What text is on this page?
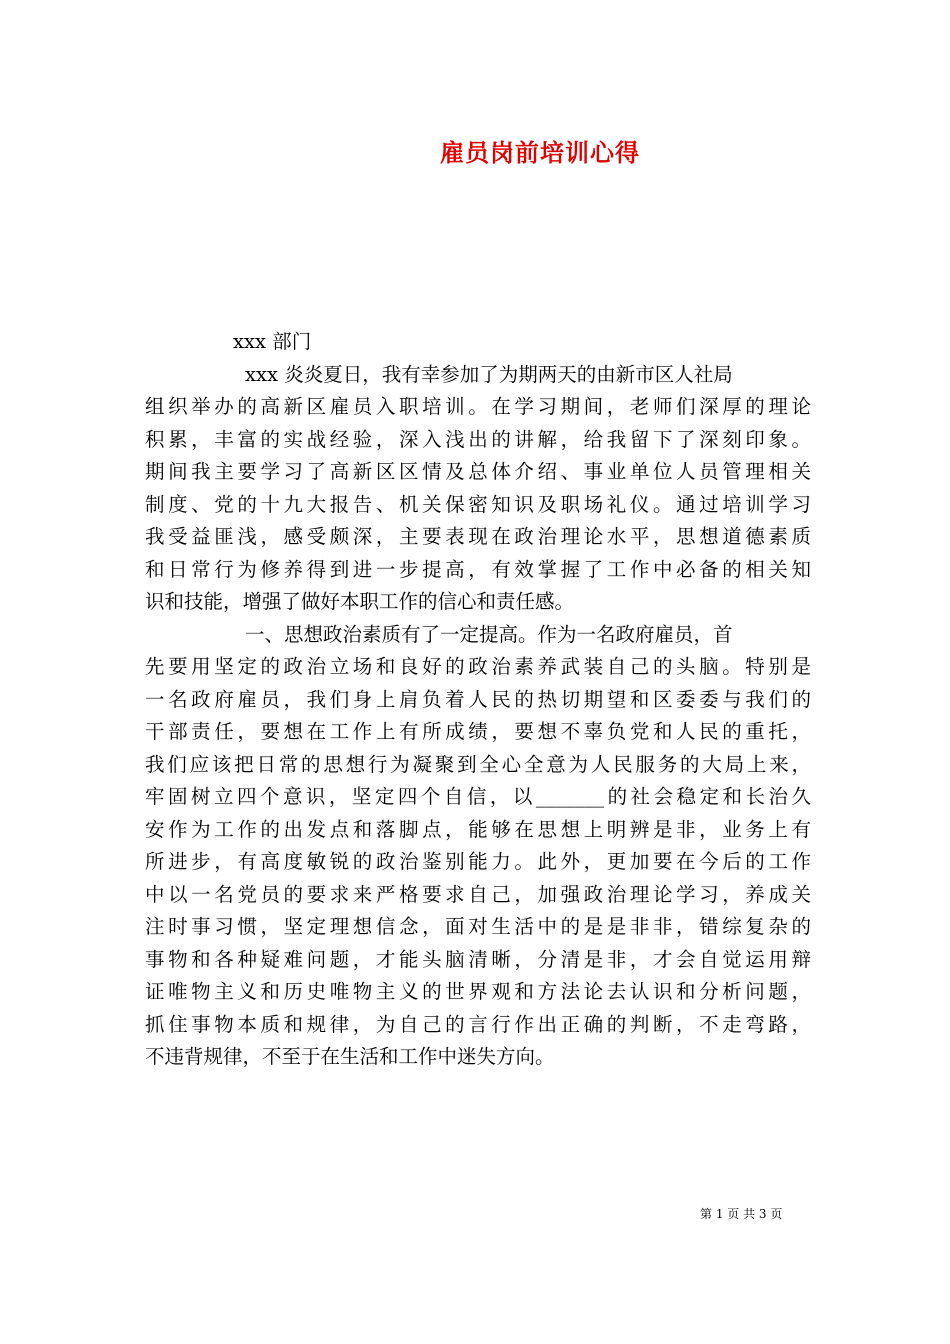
雇员岗前培训心得
xxx 部门
xxx 炎炎夏日，我有幸参加了为期两天的由新市区人社局
组织举办的高新区雇员入职培训。在学习期间，老师们深厚的理论
积累，丰富的实战经验，深入浅出的讲解，给我留下了深刻印象。
期间我主要学习了高新区区情及总体介绍、事业单位人员管理相关
制度、党的十九大报告、机关保密知识及职场礼仪。通过培训学习
我受益匪浅，感受颇深，主要表现在政治理论水平，思想道德素质
和日常行为修养得到进一步提高，有效掌握了工作中必备的相关知
识和技能，增强了做好本职工作的信心和责任感。
一、思想政治素质有了一定提高。作为一名政府雇员，首
先要用坚定的政治立场和良好的政治素养武装自己的头脑。特别是
一名政府雇员，我们身上肩负着人民的热切期望和区委委与我们的
干部责任，要想在工作上有所成绩，要想不辜负党和人民的重托，
我们应该把日常的思想行为凝聚到全心全意为人民服务的大局上来，
牢固树立四个意识，坚定四个自信，以_______的社会稳定和长治久
安作为工作的出发点和落脚点，能够在思想上明辨是非，业务上有
所进步，有高度敏锐的政治鉴别能力。此外，更加要在今后的工作
中以一名党员的要求来严格要求自己，加强政治理论学习，养成关
注时事习惯，坚定理想信念，面对生活中的是是非非，错综复杂的
事物和各种疑难问题，才能头脑清晰，分清是非，才会自觉运用辩
证唯物主义和历史唯物主义的世界观和方法论去认识和分析问题，
抓住事物本质和规律，为自己的言行作出正确的判断，不走弯路，
不违背规律，不至于在生活和工作中迷失方向。
第 1 页 共 3 页
